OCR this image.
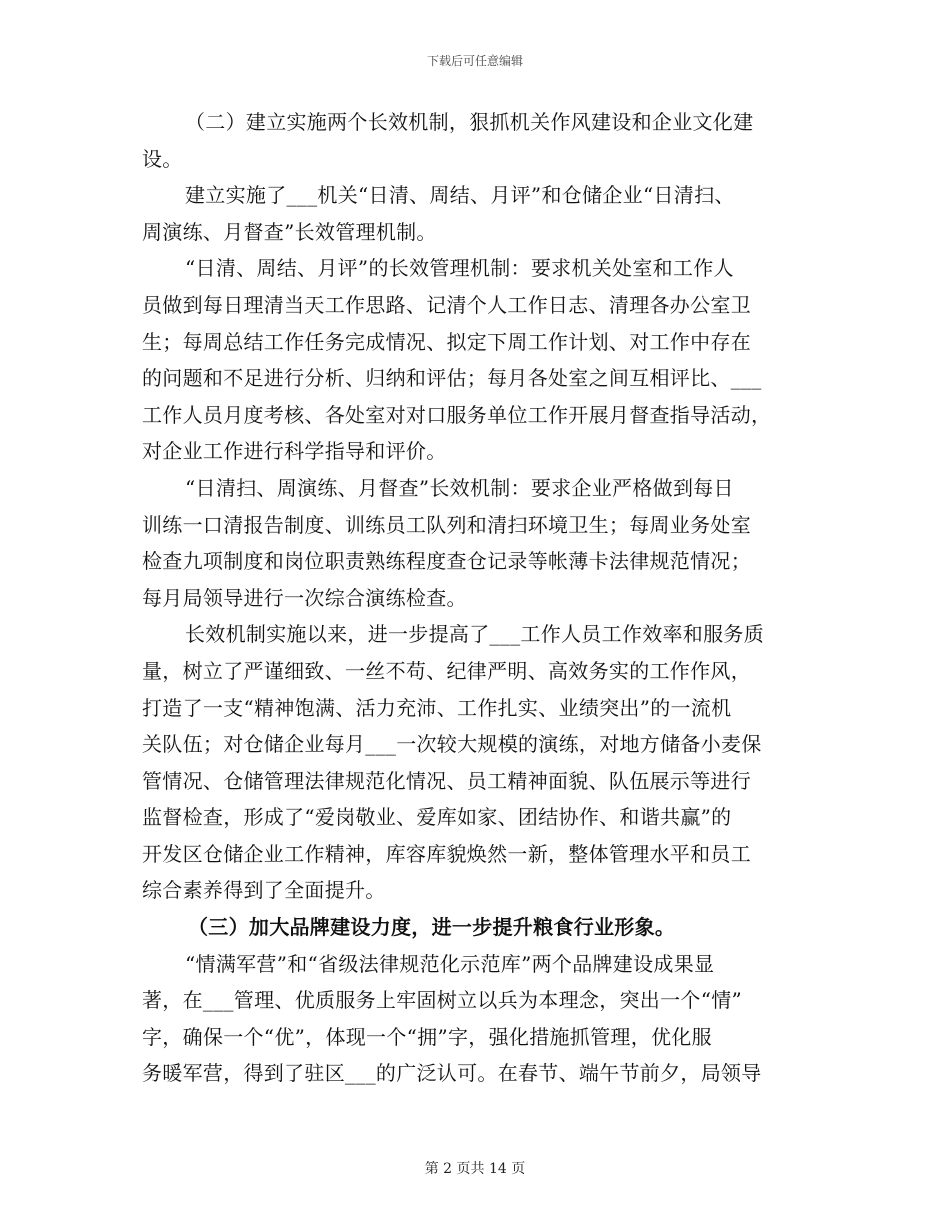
下载后可任意编辑

（二）建立实施两个长效机制，狠抓机关作风建设和企业文化建

设。

建立实施了___机关“日清、周结、月评”和仓储企业“日清扫、

周演练、月督查”长效管理机制。

“日清、周结、月评”的长效管理机制：要求机关处室和工作人

员做到每日理清当天工作思路、记清个人工作日志、清理各办公室卫

生；每周总结工作任务完成情况、拟定下周工作计划、对工作中存在

的问题和不足进行分析、归纳和评估；每月各处室之间互相评比、___

工作人员月度考核、各处室对对口服务单位工作开展月督查指导活动，

对企业工作进行科学指导和评价。

“日清扫、周演练、月督查”长效机制：要求企业严格做到每日

训练一口清报告制度、训练员工队列和清扫环境卫生；每周业务处室

检查九项制度和岗位职责熟练程度查仓记录等帐薄卡法律规范情况；

每月局领导进行一次综合演练检查。

长效机制实施以来，进一步提高了___工作人员工作效率和服务质

量，树立了严谨细致、一丝不苟、纪律严明、高效务实的工作作风，

打造了一支“精神饱满、活力充沛、工作扎实、业绩突出”的一流机

关队伍；对仓储企业每月___一次较大规模的演练，对地方储备小麦保

管情况、仓储管理法律规范化情况、员工精神面貌、队伍展示等进行

监督检查，形成了“爱岗敬业、爱库如家、团结协作、和谐共赢”的

开发区仓储企业工作精神，库容库貌焕然一新，整体管理水平和员工

综合素养得到了全面提升。

（三）加大品牌建设力度，进一步提升粮食行业形象。

“情满军营”和“省级法律规范化示范库”两个品牌建设成果显

著，在___管理、优质服务上牢固树立以兵为本理念，突出一个“情”

字，确保一个“优”，体现一个“拥”字，强化措施抓管理，优化服

务暖军营，得到了驻区___的广泛认可。在春节、端午节前夕，局领导

第 2 页共 14 页
